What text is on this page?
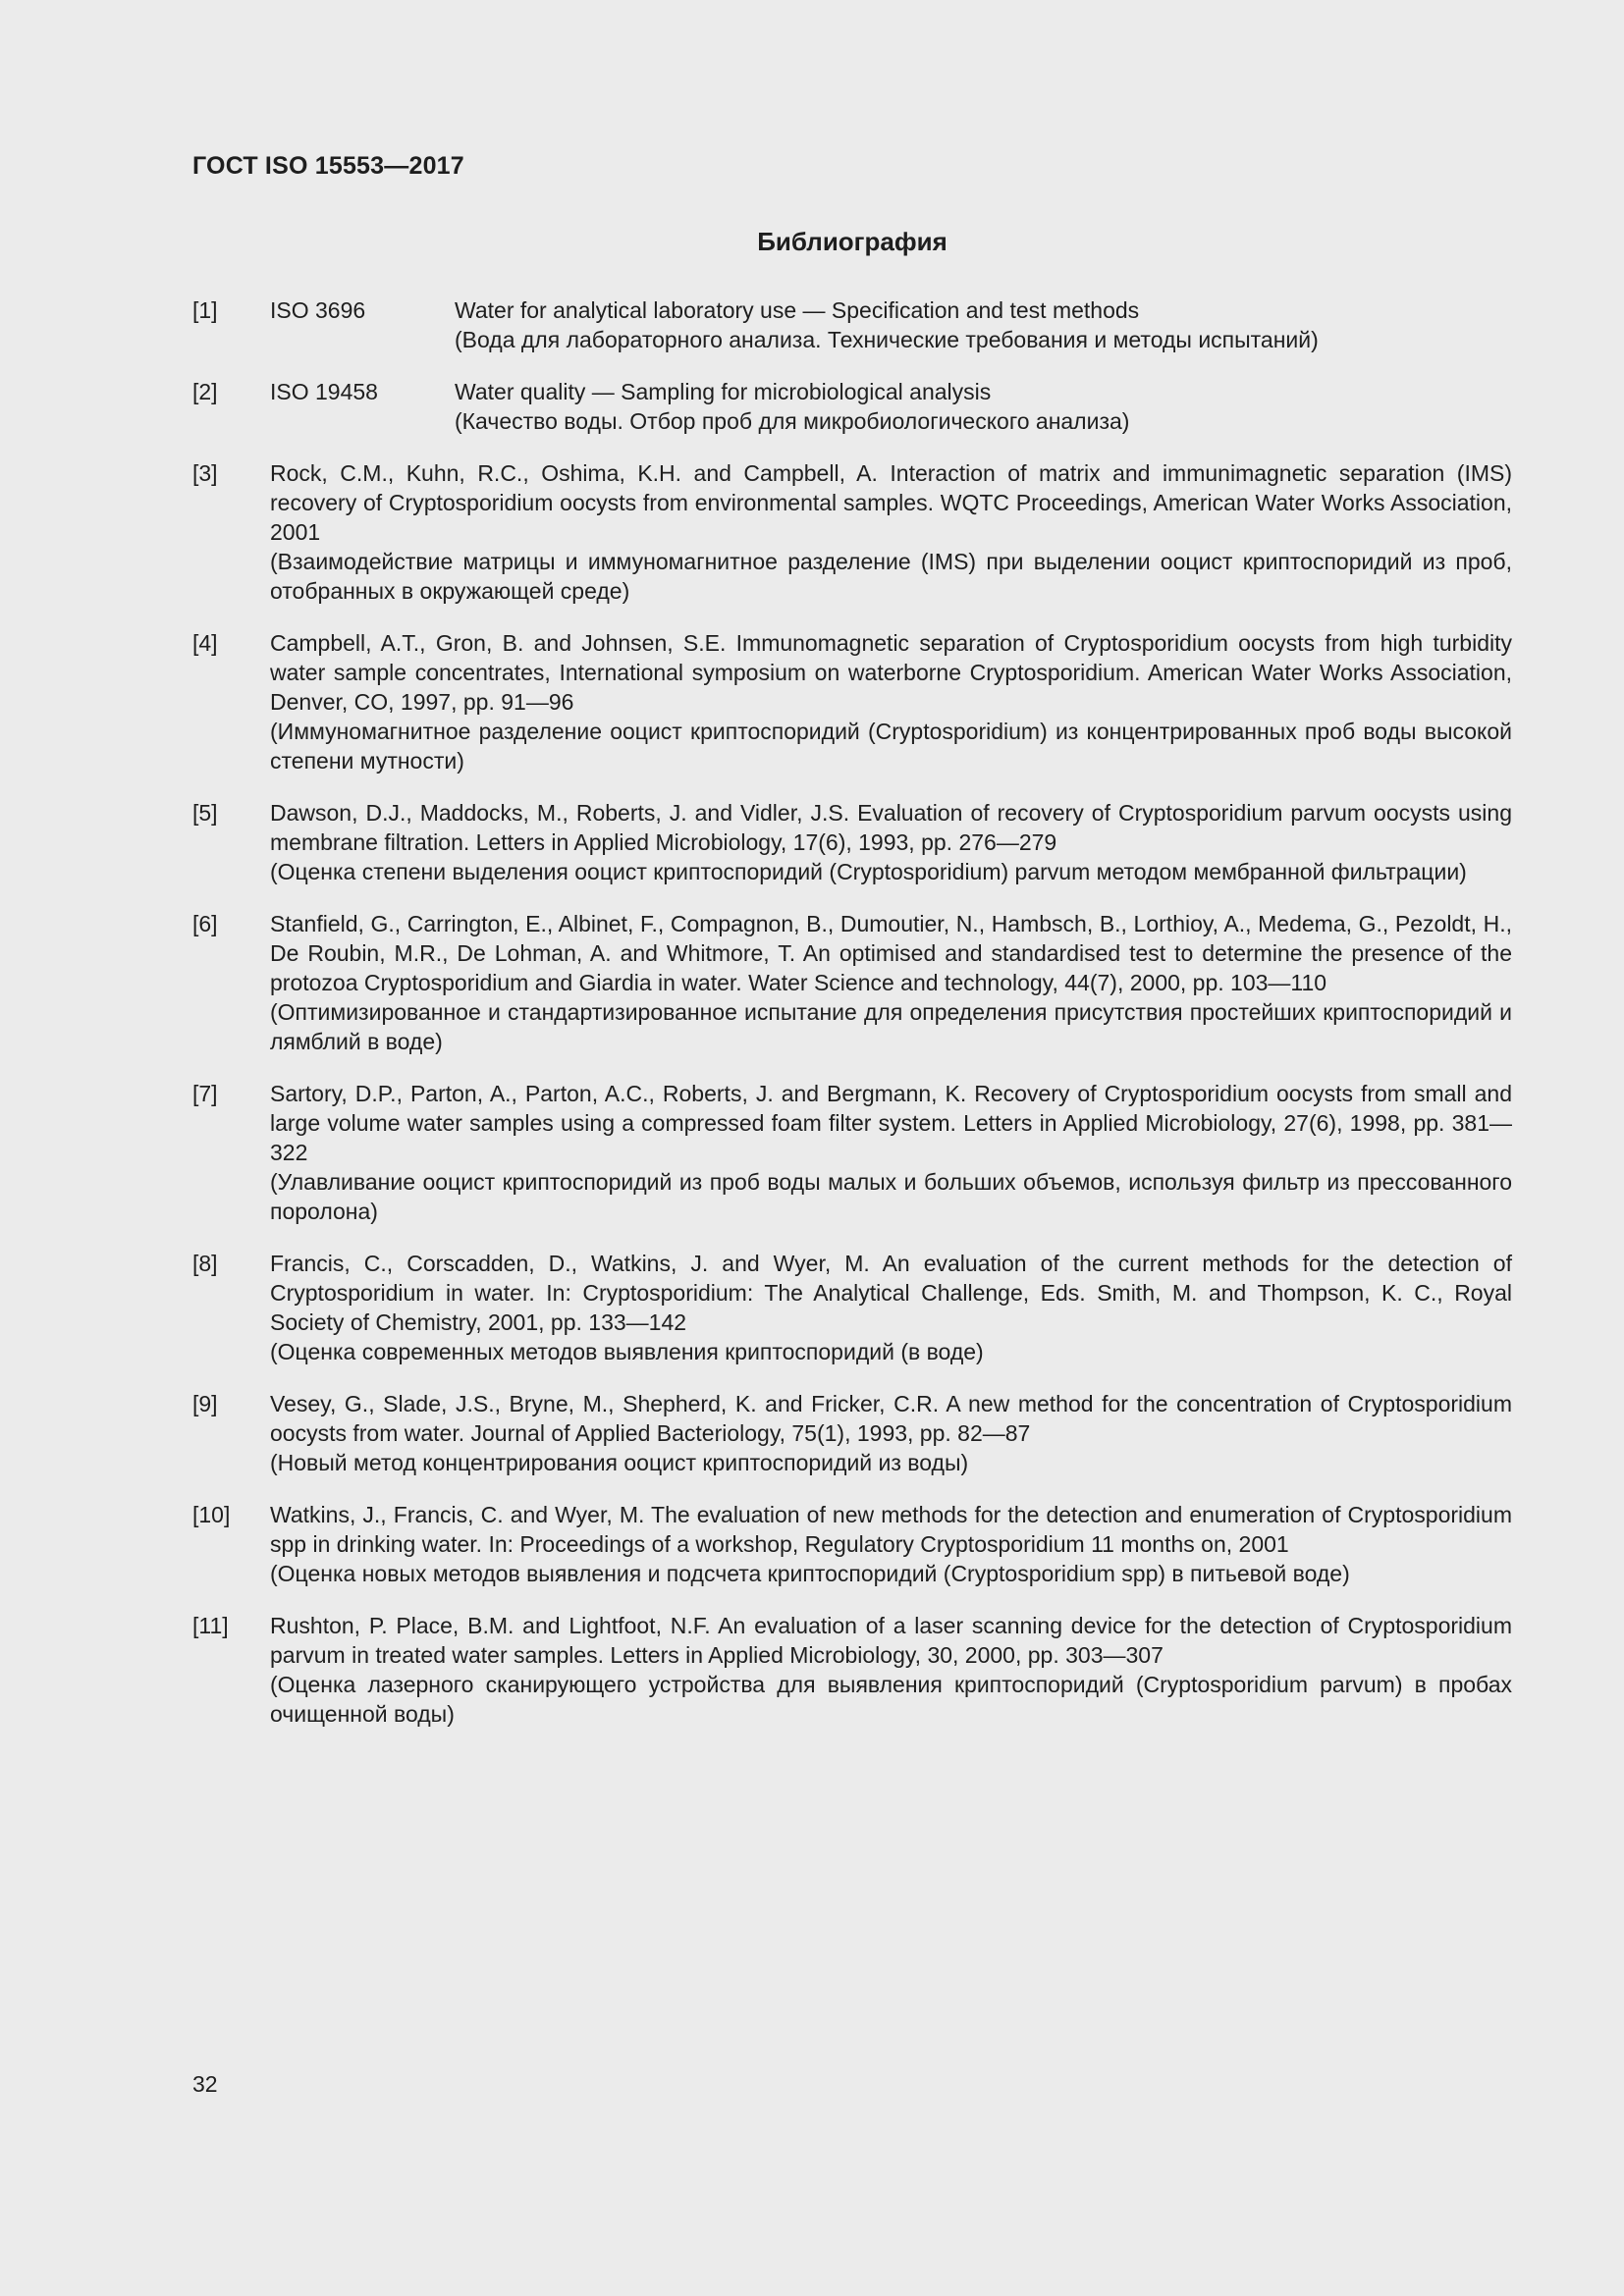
ГОСТ ISO 15553—2017
Библиография
[1]	ISO 3696	Water for analytical laboratory use — Specification and test methods
(Вода для лабораторного анализа. Технические требования и методы испытаний)
[2]	ISO 19458	Water quality — Sampling for microbiological analysis
(Качество воды. Отбор проб для микробиологического анализа)
[3]	Rock, C.M., Kuhn, R.C., Oshima, K.H. and Campbell, A. Interaction of matrix and immunimagnetic separation (IMS) recovery of Cryptosporidium oocysts from environmental samples. WQTC Proceedings, American Water Works Association, 2001
(Взаимодействие матрицы и иммуномагнитное разделение (IMS) при выделении ооцист криптоспоридий из проб, отобранных в окружающей среде)
[4]	Campbell, A.T., Gron, B. and Johnsen, S.E. Immunomagnetic separation of Cryptosporidium oocysts from high turbidity water sample concentrates, International symposium on waterborne Cryptosporidium. American Water Works Association, Denver, CO, 1997, pp. 91—96
(Иммуномагнитное разделение ооцист криптоспоридий (Cryptosporidium) из концентрированных проб воды высокой степени мутности)
[5]	Dawson, D.J., Maddocks, M., Roberts, J. and Vidler, J.S. Evaluation of recovery of Cryptosporidium parvum oocysts using membrane filtration. Letters in Applied Microbiology, 17(6), 1993, pp. 276—279
(Оценка степени выделения ооцист криптоспоридий (Cryptosporidium) parvum методом мембранной фильтрации)
[6]	Stanfield, G., Carrington, E., Albinet, F., Compagnon, B., Dumoutier, N., Hambsch, B., Lorthioy, A., Medema, G., Pezoldt, H., De Roubin, M.R., De Lohman, A. and Whitmore, T. An optimised and standardised test to determine the presence of the protozoa Cryptosporidium and Giardia in water. Water Science and technology, 44(7), 2000, pp. 103—110
(Оптимизированное и стандартизированное испытание для определения присутствия простейших криптоспоридий и лямблий в воде)
[7]	Sartory, D.P., Parton, A., Parton, A.C., Roberts, J. and Bergmann, K. Recovery of Cryptosporidium oocysts from small and large volume water samples using a compressed foam filter system. Letters in Applied Microbiology, 27(6), 1998, pp. 381—322
(Улавливание ооцист криптоспоридий из проб воды малых и больших объемов, используя фильтр из прессованного поролона)
[8]	Francis, C., Corscadden, D., Watkins, J. and Wyer, M. An evaluation of the current methods for the detection of Cryptosporidium in water. In: Cryptosporidium: The Analytical Challenge, Eds. Smith, M. and Thompson, K. C., Royal Society of Chemistry, 2001, pp. 133—142
(Оценка современных методов выявления криптоспоридий (в воде)
[9]	Vesey, G., Slade, J.S., Bryne, M., Shepherd, K. and Fricker, C.R. A new method for the concentration of Cryptosporidium oocysts from water. Journal of Applied Bacteriology, 75(1), 1993, pp. 82—87
(Новый метод концентрирования ооцист криптоспоридий из воды)
[10]	Watkins, J., Francis, C. and Wyer, M. The evaluation of new methods for the detection and enumeration of Cryptosporidium spp in drinking water. In: Proceedings of a workshop, Regulatory Cryptosporidium 11 months on, 2001
(Оценка новых методов выявления и подсчета криптоспоридий (Cryptosporidium spp) в питьевой воде)
[11]	Rushton, P. Place, B.M. and Lightfoot, N.F. An evaluation of a laser scanning device for the detection of Cryptosporidium parvum in treated water samples. Letters in Applied Microbiology, 30, 2000, pp. 303—307
(Оценка лазерного сканирующего устройства для выявления криптоспоридий (Cryptosporidium parvum) в пробах очищенной воды)
32
